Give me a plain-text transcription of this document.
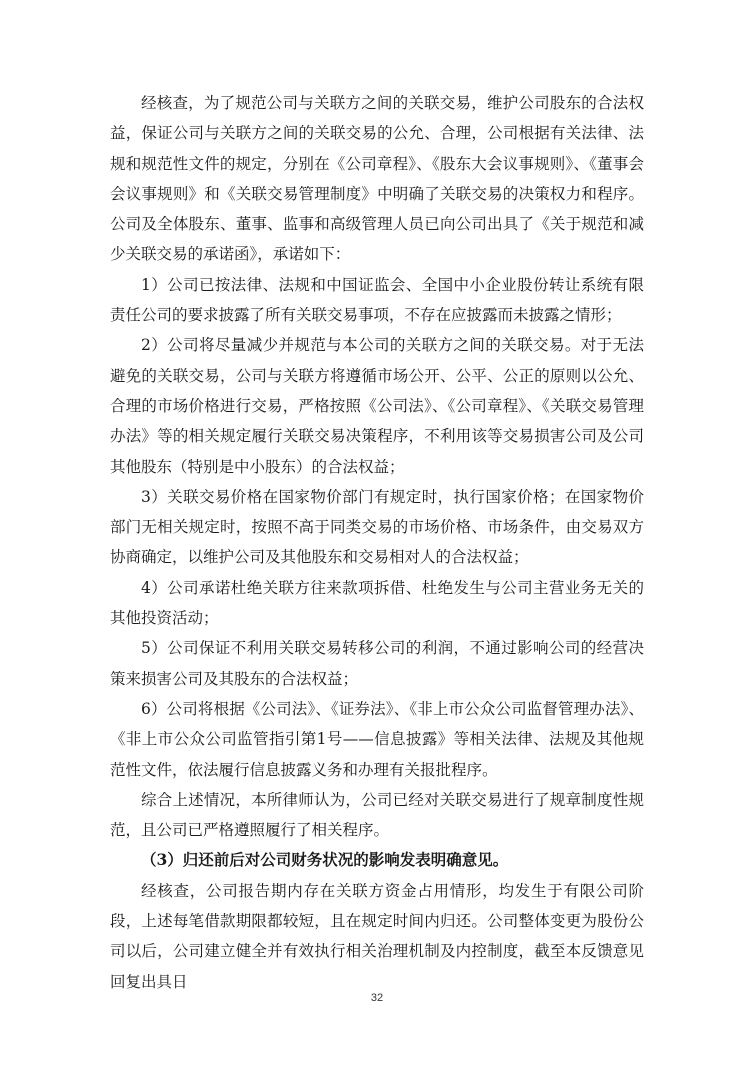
经核查，为了规范公司与关联方之间的关联交易，维护公司股东的合法权益，保证公司与关联方之间的关联交易的公允、合理，公司根据有关法律、法规和规范性文件的规定，分别在《公司章程》、《股东大会议事规则》、《董事会会议事规则》和《关联交易管理制度》中明确了关联交易的决策权力和程序。公司及全体股东、董事、监事和高级管理人员已向公司出具了《关于规范和减少关联交易的承诺函》，承诺如下：

1）公司已按法律、法规和中国证监会、全国中小企业股份转让系统有限责任公司的要求披露了所有关联交易事项，不存在应披露而未披露之情形；

2）公司将尽量减少并规范与本公司的关联方之间的关联交易。对于无法避免的关联交易，公司与关联方将遵循市场公开、公平、公正的原则以公允、合理的市场价格进行交易，严格按照《公司法》、《公司章程》、《关联交易管理办法》等的相关规定履行关联交易决策程序，不利用该等交易损害公司及公司其他股东（特别是中小股东）的合法权益；

3）关联交易价格在国家物价部门有规定时，执行国家价格；在国家物价部门无相关规定时，按照不高于同类交易的市场价格、市场条件，由交易双方协商确定，以维护公司及其他股东和交易相对人的合法权益；

4）公司承诺杜绝关联方往来款项拆借、杜绝发生与公司主营业务无关的其他投资活动；

5）公司保证不利用关联交易转移公司的利润，不通过影响公司的经营决策来损害公司及其股东的合法权益；

6）公司将根据《公司法》、《证券法》、《非上市公众公司监督管理办法》、《非上市公众公司监管指引第1号——信息披露》等相关法律、法规及其他规范性文件，依法履行信息披露义务和办理有关报批程序。

综合上述情况，本所律师认为，公司已经对关联交易进行了规章制度性规范，且公司已严格遵照履行了相关程序。

（3）归还前后对公司财务状况的影响发表明确意见。

经核查，公司报告期内存在关联方资金占用情形，均发生于有限公司阶段，上述每笔借款期限都较短，且在规定时间内归还。公司整体变更为股份公司以后，公司建立健全并有效执行相关治理机制及内控制度，截至本反馈意见回复出具日

32
